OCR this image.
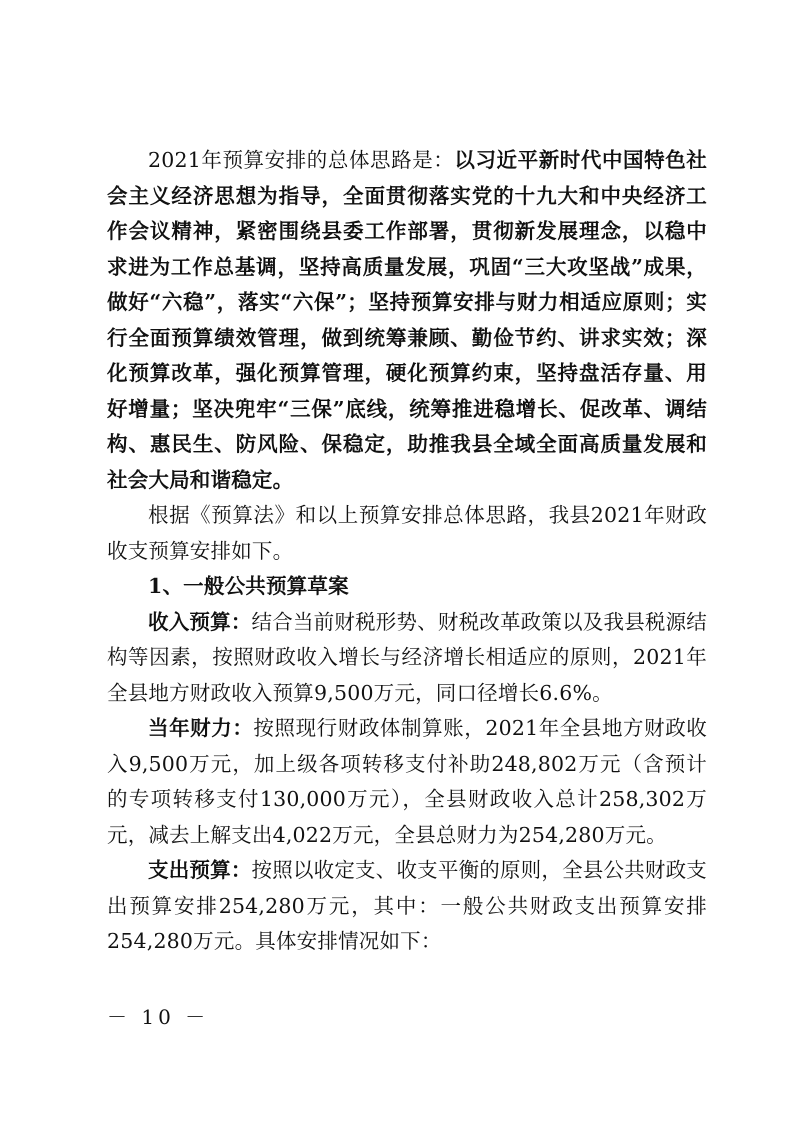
2021年预算安排的总体思路是：以习近平新时代中国特色社会主义经济思想为指导，全面贯彻落实党的十九大和中央经济工作会议精神，紧密围绕县委工作部署，贯彻新发展理念，以稳中求进为工作总基调，坚持高质量发展，巩固“三大攻坚战”成果，做好“六稳”，落实“六保”；坚持预算安排与财力相适应原则；实行全面预算绩效管理，做到统筹兼顾、勤俭节约、讲求实效；深化预算改革，强化预算管理，硬化预算约束，坚持盘活存量、用好增量；坚决兜牢“三保”底线，统筹推进稳增长、促改革、调结构、惠民生、防风险、保稳定，助推我县全域全面高质量发展和社会大局和谐稳定。

根据《预算法》和以上预算安排总体思路，我县2021年财政收支预算安排如下。

1、一般公共预算草案

收入预算：结合当前财税形势、财税改革政策以及我县税源结构等因素，按照财政收入增长与经济增长相适应的原则，2021年全县地方财政收入预算9,500万元，同口径增长6.6%。

当年财力：按照现行财政体制算账，2021年全县地方财政收入9,500万元，加上级各项转移支付补助248,802万元（含预计的专项转移支付130,000万元），全县财政收入总计258,302万元，减去上解支出4,022万元，全县总财力为254,280万元。

支出预算：按照以收定支、收支平衡的原则，全县公共财政支出预算安排254,280万元，其中：一般公共财政支出预算安排254,280万元。具体安排情况如下：

－ 10 －
